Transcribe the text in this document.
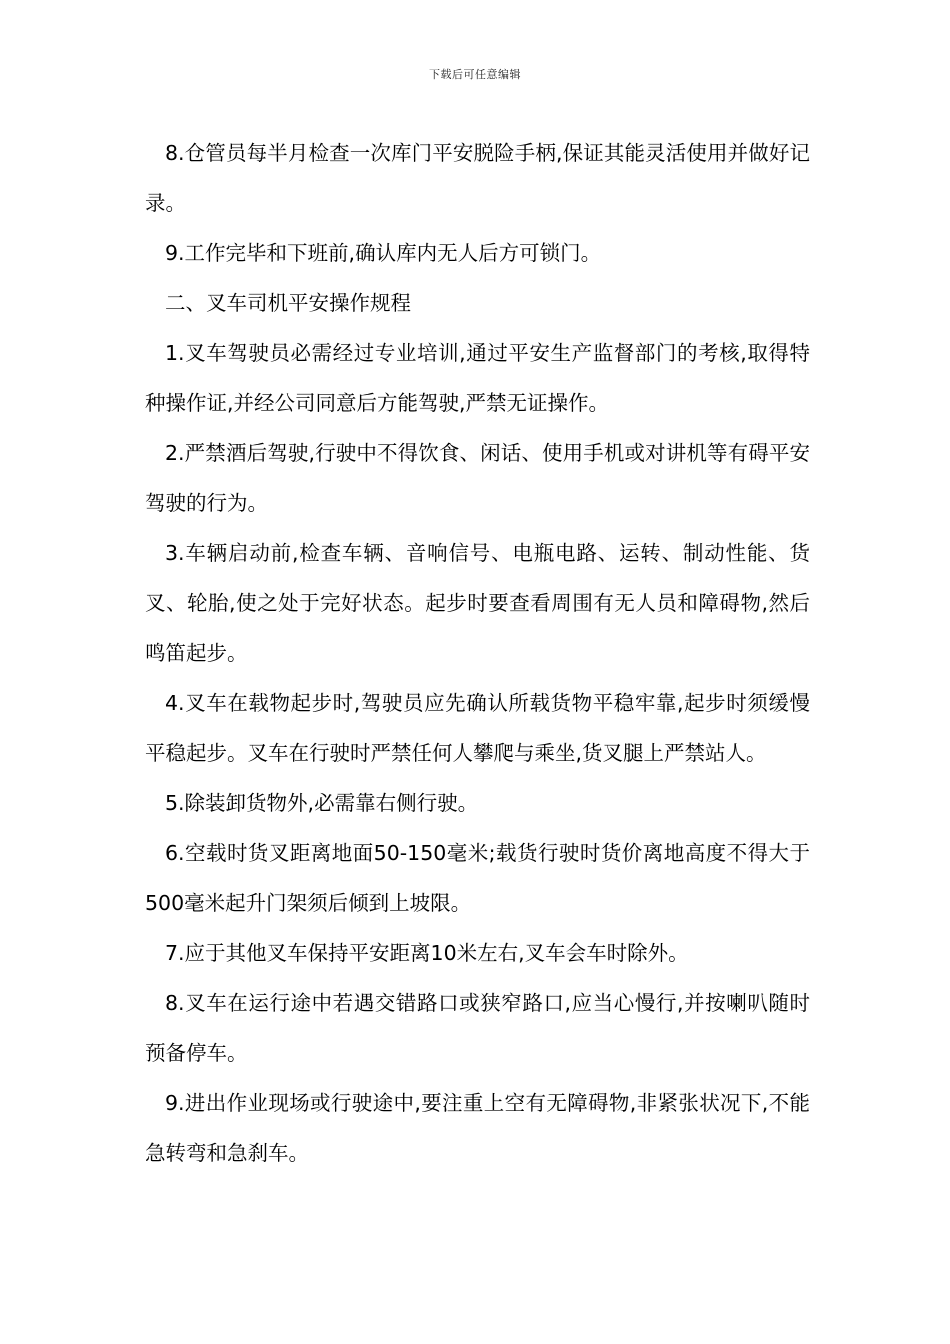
下载后可任意编辑

8.仓管员每半月检查一次库门平安脱险手柄,保证其能灵活使用并做好记录。

9.工作完毕和下班前,确认库内无人后方可锁门。

二、叉车司机平安操作规程

1.叉车驾驶员必需经过专业培训,通过平安生产监督部门的考核,取得特种操作证,并经公司同意后方能驾驶,严禁无证操作。

2.严禁酒后驾驶,行驶中不得饮食、闲话、使用手机或对讲机等有碍平安驾驶的行为。

3.车辆启动前,检查车辆、音响信号、电瓶电路、运转、制动性能、货叉、轮胎,使之处于完好状态。起步时要查看周围有无人员和障碍物,然后鸣笛起步。

4.叉车在载物起步时,驾驶员应先确认所载货物平稳牢靠,起步时须缓慢平稳起步。叉车在行驶时严禁任何人攀爬与乘坐,货叉腿上严禁站人。

5.除装卸货物外,必需靠右侧行驶。

6.空载时货叉距离地面50-150毫米;载货行驶时货价离地高度不得大于500毫米起升门架须后倾到上坡限。

7.应于其他叉车保持平安距离10米左右,叉车会车时除外。

8.叉车在运行途中若遇交错路口或狭窄路口,应当心慢行,并按喇叭随时预备停车。

9.进出作业现场或行驶途中,要注重上空有无障碍物,非紧张状况下,不能急转弯和急刹车。
